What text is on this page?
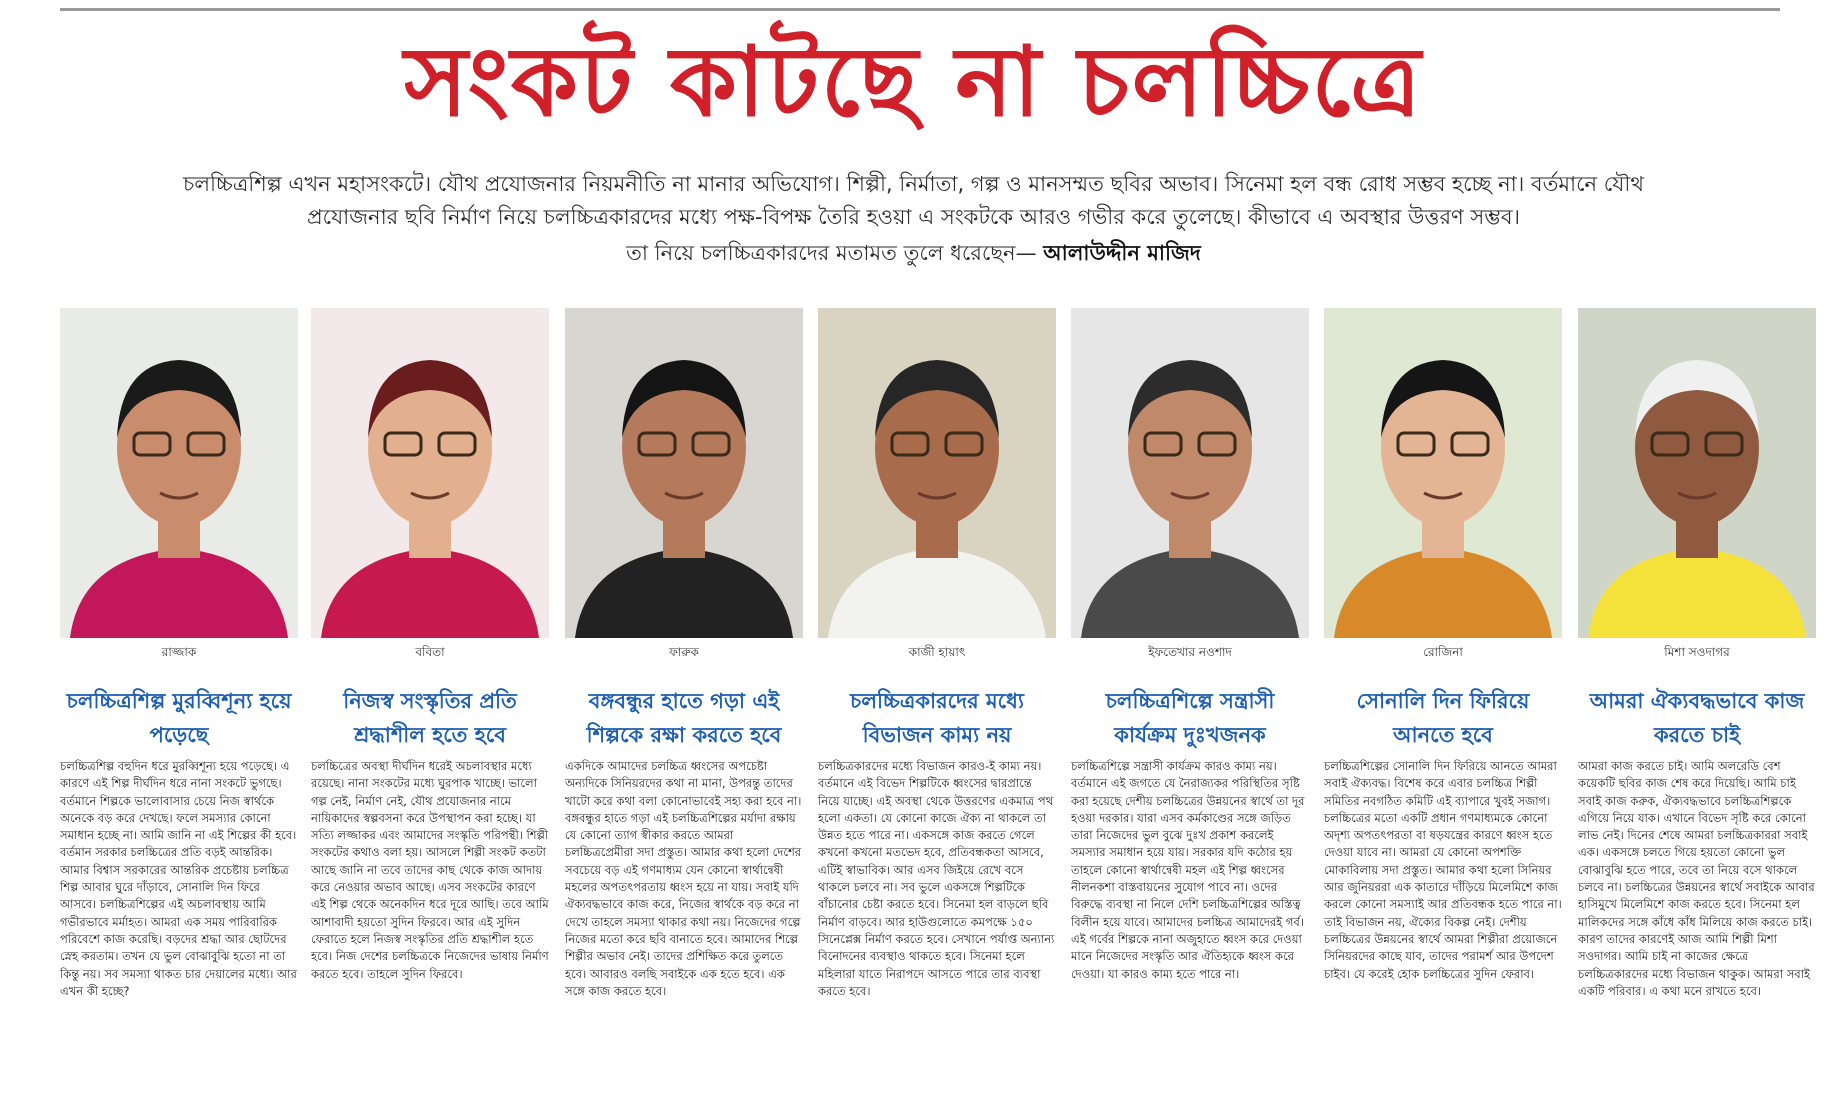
সংকট কাটছে না চলচ্চিত্রে
চলচ্চিত্রশিল্প এখন মহাসংকটে। যৌথ প্রযোজনার নিয়মনীতি না মানার অভিযোগ। শিল্পী, নির্মাতা, গল্প ও মানসম্মত ছবির অভাব। সিনেমা হল বন্ধ রোধ সম্ভব হচ্ছে না। বর্তমানে যৌথ প্রযোজনার ছবি নির্মাণ নিয়ে চলচ্চিত্রকারদের মধ্যে পক্ষ-বিপক্ষ তৈরি হওয়া এ সংকটকে আরও গভীর করে তুলেছে। কীভাবে এ অবস্থার উত্তরণ সম্ভব।
তা নিয়ে চলচ্চিত্রকারদের মতামত তুলে ধরেছেন— আলাউদ্দীন মাজিদ
রাজ্জাক
চলচ্চিত্রশিল্প মুরব্বিশূন্য হয়ে পড়েছে
চলচ্চিত্রশিল্প বহুদিন ধরে মুরব্বিশূন্য হয়ে পড়েছে। এ কারণে এই শিল্প দীর্ঘদিন ধরে নানা সংকটে ভুগছে। বর্তমানে শিল্পকে ভালোবাসার চেয়ে নিজ স্বার্থকে অনেকে বড় করে দেখছে। ফলে সমস্যার কোনো সমাধান হচ্ছে না। আমি জানি না এই শিল্পের কী হবে। বর্তমান সরকার চলচ্চিত্রের প্রতি বড়ই আন্তরিক। আমার বিশ্বাস সরকারের আন্তরিক প্রচেষ্টায় চলচ্চিত্র শিল্প আবার ঘুরে দাঁড়াবে, সোনালি দিন ফিরে আসবে। চলচ্চিত্রশিল্পের এই অচলাবস্থায় আমি গভীরভাবে মর্মাহত। আমরা এক সময় পারিবারিক পরিবেশে কাজ করেছি। বড়দের শ্রদ্ধা আর ছোটদের স্নেহ করতাম। তখন যে ভুল বোঝাবুঝি হতো না তা কিন্তু নয়। সব সমস্যা থাকত চার দেয়ালের মধ্যে। আর এখন কী হচ্ছে?
ববিতা
নিজস্ব সংস্কৃতির প্রতি শ্রদ্ধাশীল হতে হবে
চলচ্চিত্রের অবস্থা দীর্ঘদিন ধরেই অচলাবস্থার মধ্যে রয়েছে। নানা সংকটের মধ্যে ঘুরপাক খাচ্ছে। ভালো গল্প নেই, নির্মাণ নেই, যৌথ প্রযোজনার নামে নায়িকাদের স্বল্পবসনা করে উপস্থাপন করা হচ্ছে। যা সত্যি লজ্জাকর এবং আমাদের সংস্কৃতি পরিপন্থী। শিল্পী সংকটের কথাও বলা হয়। আসলে শিল্পী সংকট কতটা আছে জানি না তবে তাদের কাছ থেকে কাজ আদায় করে নেওয়ার অভাব আছে। এসব সংকটের কারণে এই শিল্প থেকে অনেকদিন ধরে দূরে আছি। তবে আমি আশাবাদী হয়তো সুদিন ফিরবে। আর এই সুদিন ফেরাতে হলে নিজস্ব সংস্কৃতির প্রতি শ্রদ্ধাশীল হতে হবে। নিজ দেশের চলচ্চিত্রকে নিজেদের ভাষায় নির্মাণ করতে হবে। তাহলে সুদিন ফিরবে।
ফারুক
বঙ্গবন্ধুর হাতে গড়া এই শিল্পকে রক্ষা করতে হবে
একদিকে আমাদের চলচ্চিত্র ধ্বংসের অপচেষ্টা অন্যদিকে সিনিয়রদের কথা না মানা, উপরন্তু তাদের খাটো করে কথা বলা কোনোভাবেই সহ্য করা হবে না। বঙ্গবন্ধুর হাতে গড়া এই চলচ্চিত্রশিল্পের মর্যাদা রক্ষায় যে কোনো ত্যাগ স্বীকার করতে আমরা চলচ্চিত্রপ্রেমীরা সদা প্রস্তুত। আমার কথা হলো দেশের সবচেয়ে বড় এই গণমাধ্যম যেন কোনো স্বার্থান্বেষী মহলের অপতৎপরতায় ধ্বংস হয়ে না যায়। সবাই যদি ঐক্যবদ্ধভাবে কাজ করে, নিজের স্বার্থকে বড় করে না দেখে তাহলে সমস্যা থাকার কথা নয়। নিজেদের গল্পে নিজের মতো করে ছবি বানাতে হবে। আমাদের শিল্পে শিল্পীর অভাব নেই। তাদের প্রশিক্ষিত করে তুলতে হবে। আবারও বলছি সবাইকে এক হতে হবে। এক সঙ্গে কাজ করতে হবে।
কাজী হায়াৎ
চলচ্চিত্রকারদের মধ্যে বিভাজন কাম্য নয়
চলচ্চিত্রকারদের মধ্যে বিভাজন কারও-ই কাম্য নয়। বর্তমানে এই বিভেদ শিল্পটিকে ধ্বংসের দ্বারপ্রান্তে নিয়ে যাচ্ছে। এই অবস্থা থেকে উত্তরণের একমাত্র পথ হলো একতা। যে কোনো কাজে ঐক্য না থাকলে তা উন্নত হতে পারে না। একসঙ্গে কাজ করতে গেলে কখনো কখনো মতভেদ হবে, প্রতিবন্ধকতা আসবে, এটিই স্বাভাবিক। আর এসব জিইয়ে রেখে বসে থাকলে চলবে না। সব ভুলে একসঙ্গে শিল্পটিকে বাঁচানোর চেষ্টা করতে হবে। সিনেমা হল বাড়লে ছবি নির্মাণ বাড়বে। আর হাউগুলোতে কমপক্ষে ১৫০ সিনেপ্লেক্স নির্মাণ করতে হবে। সেখানে পর্যাপ্ত অন্যান্য বিনোদনের ব্যবস্থাও থাকতে হবে। সিনেমা হলে মহিলারা যাতে নিরাপদে আসতে পারে তার ব্যবস্থা করতে হবে।
ইফতেখার নওশাদ
চলচ্চিত্রশিল্পে সন্ত্রাসী কার্যক্রম দুঃখজনক
চলচ্চিত্রশিল্পে সন্ত্রাসী কার্যক্রম কারও কাম্য নয়। বর্তমানে এই জগতে যে নৈরাজ্যকর পরিস্থিতির সৃষ্টি করা হয়েছে দেশীয় চলচ্চিত্রের উন্নয়নের স্বার্থে তা দূর হওয়া দরকার। যারা এসব কর্মকাণ্ডের সঙ্গে জড়িত তারা নিজেদের ভুল বুঝে দুঃখ প্রকাশ করলেই সমস্যার সমাধান হয়ে যায়। সরকার যদি কঠোর হয় তাহলে কোনো স্বার্থান্বেষী মহল এই শিল্প ধ্বংসের নীলনকশা বাস্তবায়নের সুযোগ পাবে না। ওদের বিরুদ্ধে ব্যবস্থা না নিলে দেশি চলচ্চিত্রশিল্পের অস্তিত্ব বিলীন হয়ে যাবে। আমাদের চলচ্চিত্র আমাদেরই গর্ব। এই গর্বের শিল্পকে নানা অজুহাতে ধ্বংস করে দেওয়া মানে নিজেদের সংস্কৃতি আর ঐতিহ্যকে ধ্বংস করে দেওয়া। যা কারও কাম্য হতে পারে না।
রোজিনা
সোনালি দিন ফিরিয়ে আনতে হবে
চলচ্চিত্রশিল্পের সোনালি দিন ফিরিয়ে আনতে আমরা সবাই ঐক্যবদ্ধ। বিশেষ করে এবার চলচ্চিত্র শিল্পী সমিতির নবগঠিত কমিটি এই ব্যাপারে খুবই সজাগ। চলচ্চিত্রের মতো একটি প্রধান গণমাধ্যমকে কোনো অদৃশ্য অপতৎপরতা বা ষড়যন্ত্রের কারণে ধ্বংস হতে দেওয়া যাবে না। আমরা যে কোনো অপশক্তি মোকাবিলায় সদা প্রস্তুত। আমার কথা হলো সিনিয়র আর জুনিয়ররা এক কাতারে দাঁড়িয়ে মিলেমিশে কাজ করলে কোনো সমস্যাই আর প্রতিবন্ধক হতে পারে না। তাই বিভাজন নয়, ঐক্যের বিকল্প নেই। দেশীয় চলচ্চিত্রের উন্নয়নের স্বার্থে আমরা শিল্পীরা প্রয়োজনে সিনিয়রদের কাছে যাব, তাদের পরামর্শ আর উপদেশ চাইব। যে করেই হোক চলচ্চিত্রের সুদিন ফেরাব।
মিশা সওদাগর
আমরা ঐক্যবদ্ধভাবে কাজ করতে চাই
আমরা কাজ করতে চাই। আমি অলরেডি বেশ কয়েকটি ছবির কাজ শেষ করে দিয়েছি। আমি চাই সবাই কাজ করুক, ঐক্যবদ্ধভাবে চলচ্চিত্রশিল্পকে এগিয়ে নিয়ে যাক। এখানে বিভেদ সৃষ্টি করে কোনো লাভ নেই। দিনের শেষে আমরা চলচ্চিত্রকাররা সবাই এক। একসঙ্গে চলতে গিয়ে হয়তো কোনো ভুল বোঝাবুঝি হতে পারে, তবে তা নিয়ে বসে থাকলে চলবে না। চলচ্চিত্রের উন্নয়নের স্বার্থে সবাইকে আবার হাসিমুখে মিলেমিশে কাজ করতে হবে। সিনেমা হল মালিকদের সঙ্গে কাঁধে কাঁধ মিলিয়ে কাজ করতে চাই। কারণ তাদের কারণেই আজ আমি শিল্পী মিশা সওদাগর। আমি চাই না কাজের ক্ষেত্রে চলচ্চিত্রকারদের মধ্যে বিভাজন থাকুক। আমরা সবাই একটি পরিবার। এ কথা মনে রাখতে হবে।
